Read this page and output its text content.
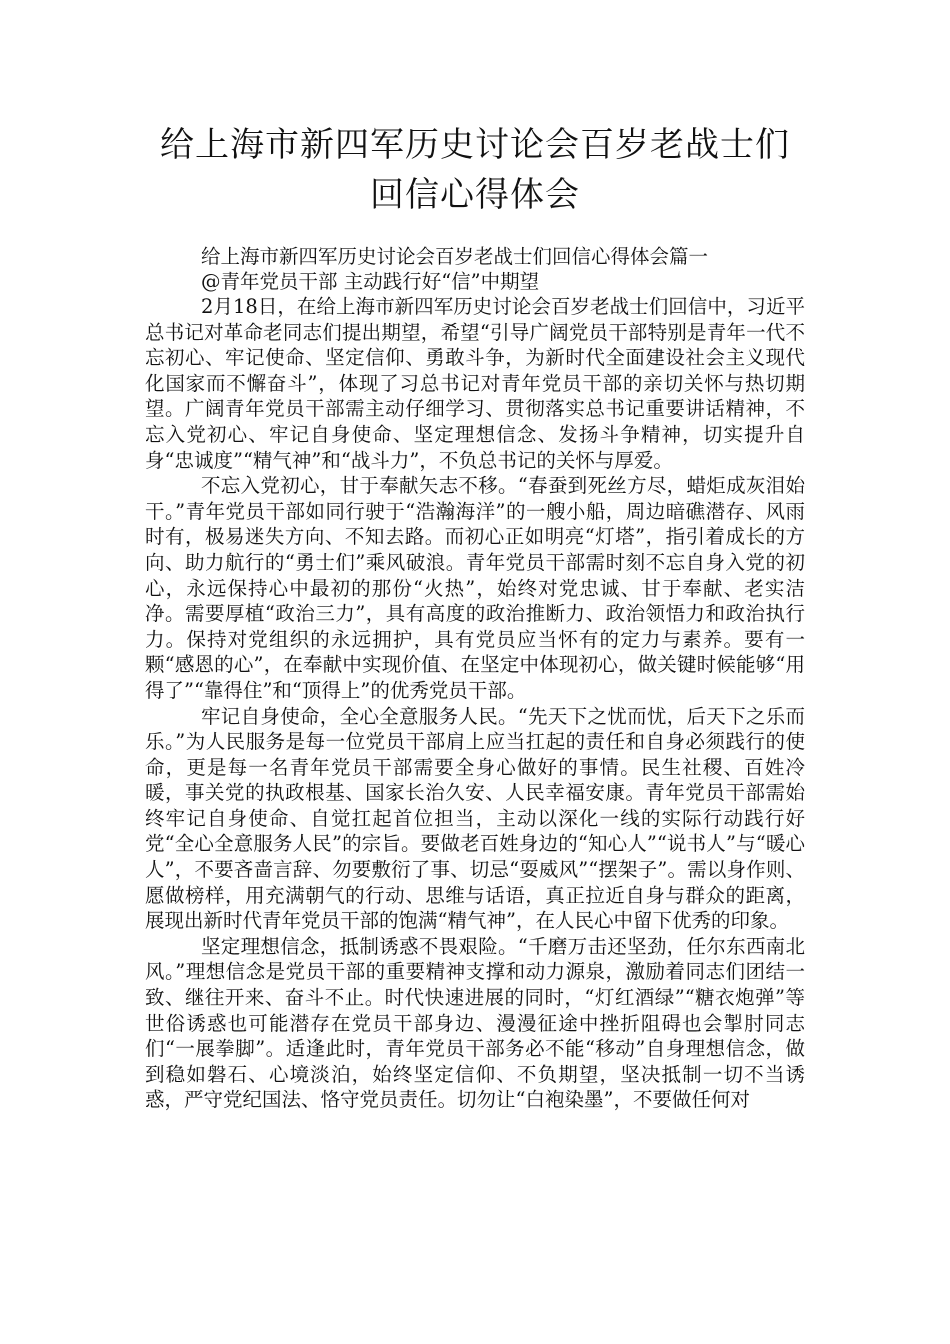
给上海市新四军历史讨论会百岁老战士们
回信心得体会

给上海市新四军历史讨论会百岁老战士们回信心得体会篇一

@青年党员干部 主动践行好“信”中期望

2月18日，在给上海市新四军历史讨论会百岁老战士们回信中，习近平总书记对革命老同志们提出期望，希望“引导广阔党员干部特别是青年一代不忘初心、牢记使命、坚定信仰、勇敢斗争，为新时代全面建设社会主义现代化国家而不懈奋斗”，体现了习总书记对青年党员干部的亲切关怀与热切期望。广阔青年党员干部需主动仔细学习、贯彻落实总书记重要讲话精神，不忘入党初心、牢记自身使命、坚定理想信念、发扬斗争精神，切实提升自身“忠诚度”“精气神”和“战斗力”，不负总书记的关怀与厚爱。

不忘入党初心，甘于奉献矢志不移。“春蚕到死丝方尽，蜡炬成灰泪始干。”青年党员干部如同行驶于“浩瀚海洋”的一艘小船，周边暗礁潜存、风雨时有，极易迷失方向、不知去路。而初心正如明亮“灯塔”，指引着成长的方向、助力航行的“勇士们”乘风破浪。青年党员干部需时刻不忘自身入党的初心，永远保持心中最初的那份“火热”，始终对党忠诚、甘于奉献、老实洁净。需要厚植“政治三力”，具有高度的政治推断力、政治领悟力和政治执行力。保持对党组织的永远拥护，具有党员应当怀有的定力与素养。要有一颗“感恩的心”，在奉献中实现价值、在坚定中体现初心，做关键时候能够“用得了”“靠得住”和“顶得上”的优秀党员干部。

牢记自身使命，全心全意服务人民。“先天下之忧而忧，后天下之乐而乐。”为人民服务是每一位党员干部肩上应当扛起的责任和自身必须践行的使命，更是每一名青年党员干部需要全身心做好的事情。民生社稷、百姓冷暖，事关党的执政根基、国家长治久安、人民幸福安康。青年党员干部需始终牢记自身使命、自觉扛起首位担当，主动以深化一线的实际行动践行好党“全心全意服务人民”的宗旨。要做老百姓身边的“知心人”“说书人”与“暖心人”，不要吝啬言辞、勿要敷衍了事、切忌“耍威风”“摆架子”。需以身作则、愿做榜样，用充满朝气的行动、思维与话语，真正拉近自身与群众的距离，展现出新时代青年党员干部的饱满“精气神”，在人民心中留下优秀的印象。

坚定理想信念，抵制诱惑不畏艰险。“千磨万击还坚劲，任尔东西南北风。”理想信念是党员干部的重要精神支撑和动力源泉，激励着同志们团结一致、继往开来、奋斗不止。时代快速进展的同时，“灯红酒绿”“糖衣炮弹”等世俗诱惑也可能潜存在党员干部身边、漫漫征途中挫折阻碍也会掣肘同志们“一展拳脚”。适逢此时，青年党员干部务必不能“移动”自身理想信念，做到稳如磐石、心境淡泊，始终坚定信仰、不负期望，坚决抵制一切不当诱惑，严守党纪国法、恪守党员责任。切勿让“白袍染墨”，不要做任何对
